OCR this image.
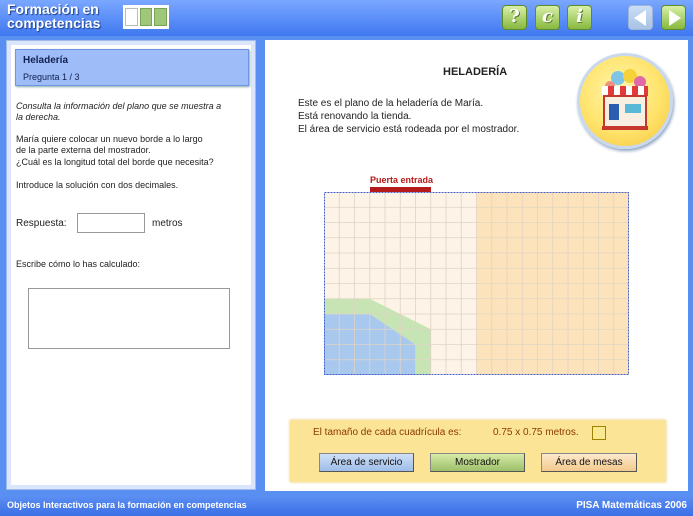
Formación en
competencias	?	c	i
Heladería
Pregunta 1 / 3
Consulta la información del plano que se muestra a
la derecha.
María quiere colocar un nuevo borde a lo largo
de la parte externa del mostrador.
¿Cuál es la longitud total del borde que necesita?
Introduce la solución con dos decimales.
Respuesta:	metros
Escribe cómo lo has calculado:
HELADERÍA
Este es el plano de la heladería de María.
Está renovando la tienda.
El área de servicio está rodeada por el mostrador.
Puerta entrada
El tamaño de cada cuadrícula es:	0.75 x 0.75 metros.
Área de servicio	Mostrador	Área de mesas
Objetos Interactivos para la formación en competencias	PISA Matemáticas 2006
